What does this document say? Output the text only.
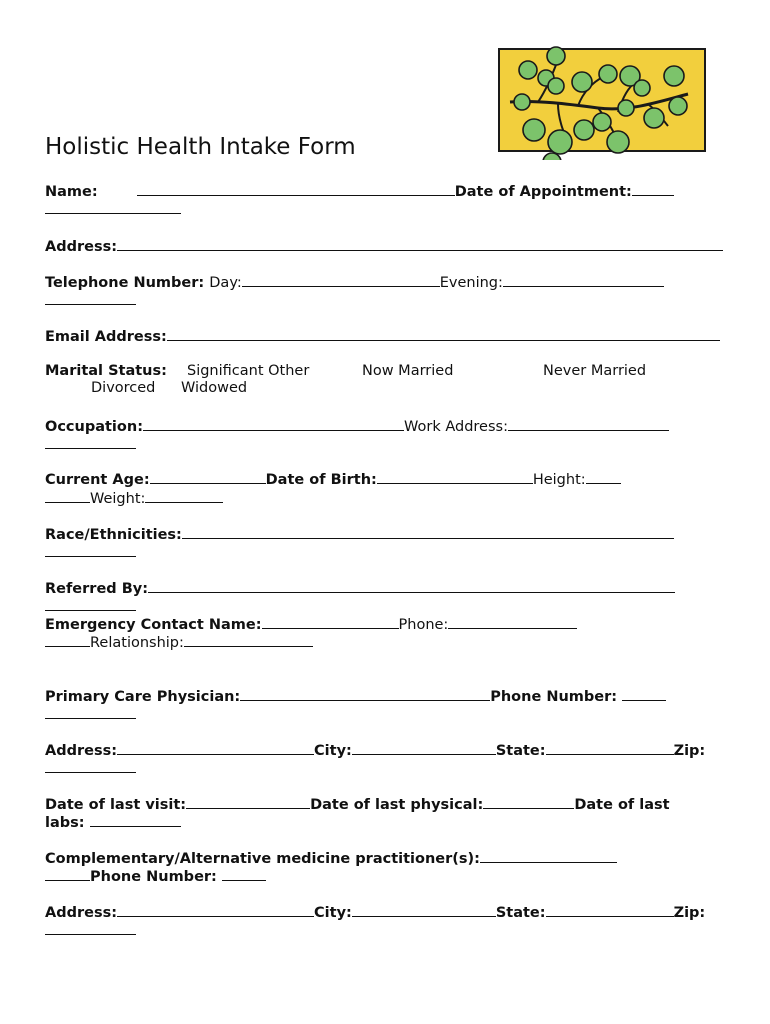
Holistic Health Intake Form
Name:	Date of Appointment:
Address:
Telephone Number: Day:	Evening:
Email Address:
Marital Status: Significant Other	Now Married	Never Married
Divorced Widowed
Occupation:	Work Address:
Current Age:	Date of Birth:	Height:
Weight:
Race/Ethnicities:
Referred By:
Emergency Contact Name:	Phone:
Relationship:
Primary Care Physician:	Phone Number:
Address:	City:	State:	Zip:
Date of last visit:	Date of last physical:	Date of last
labs:
Complementary/Alternative medicine practitioner(s):
Phone Number:
Address:	City:	State:	Zip:
